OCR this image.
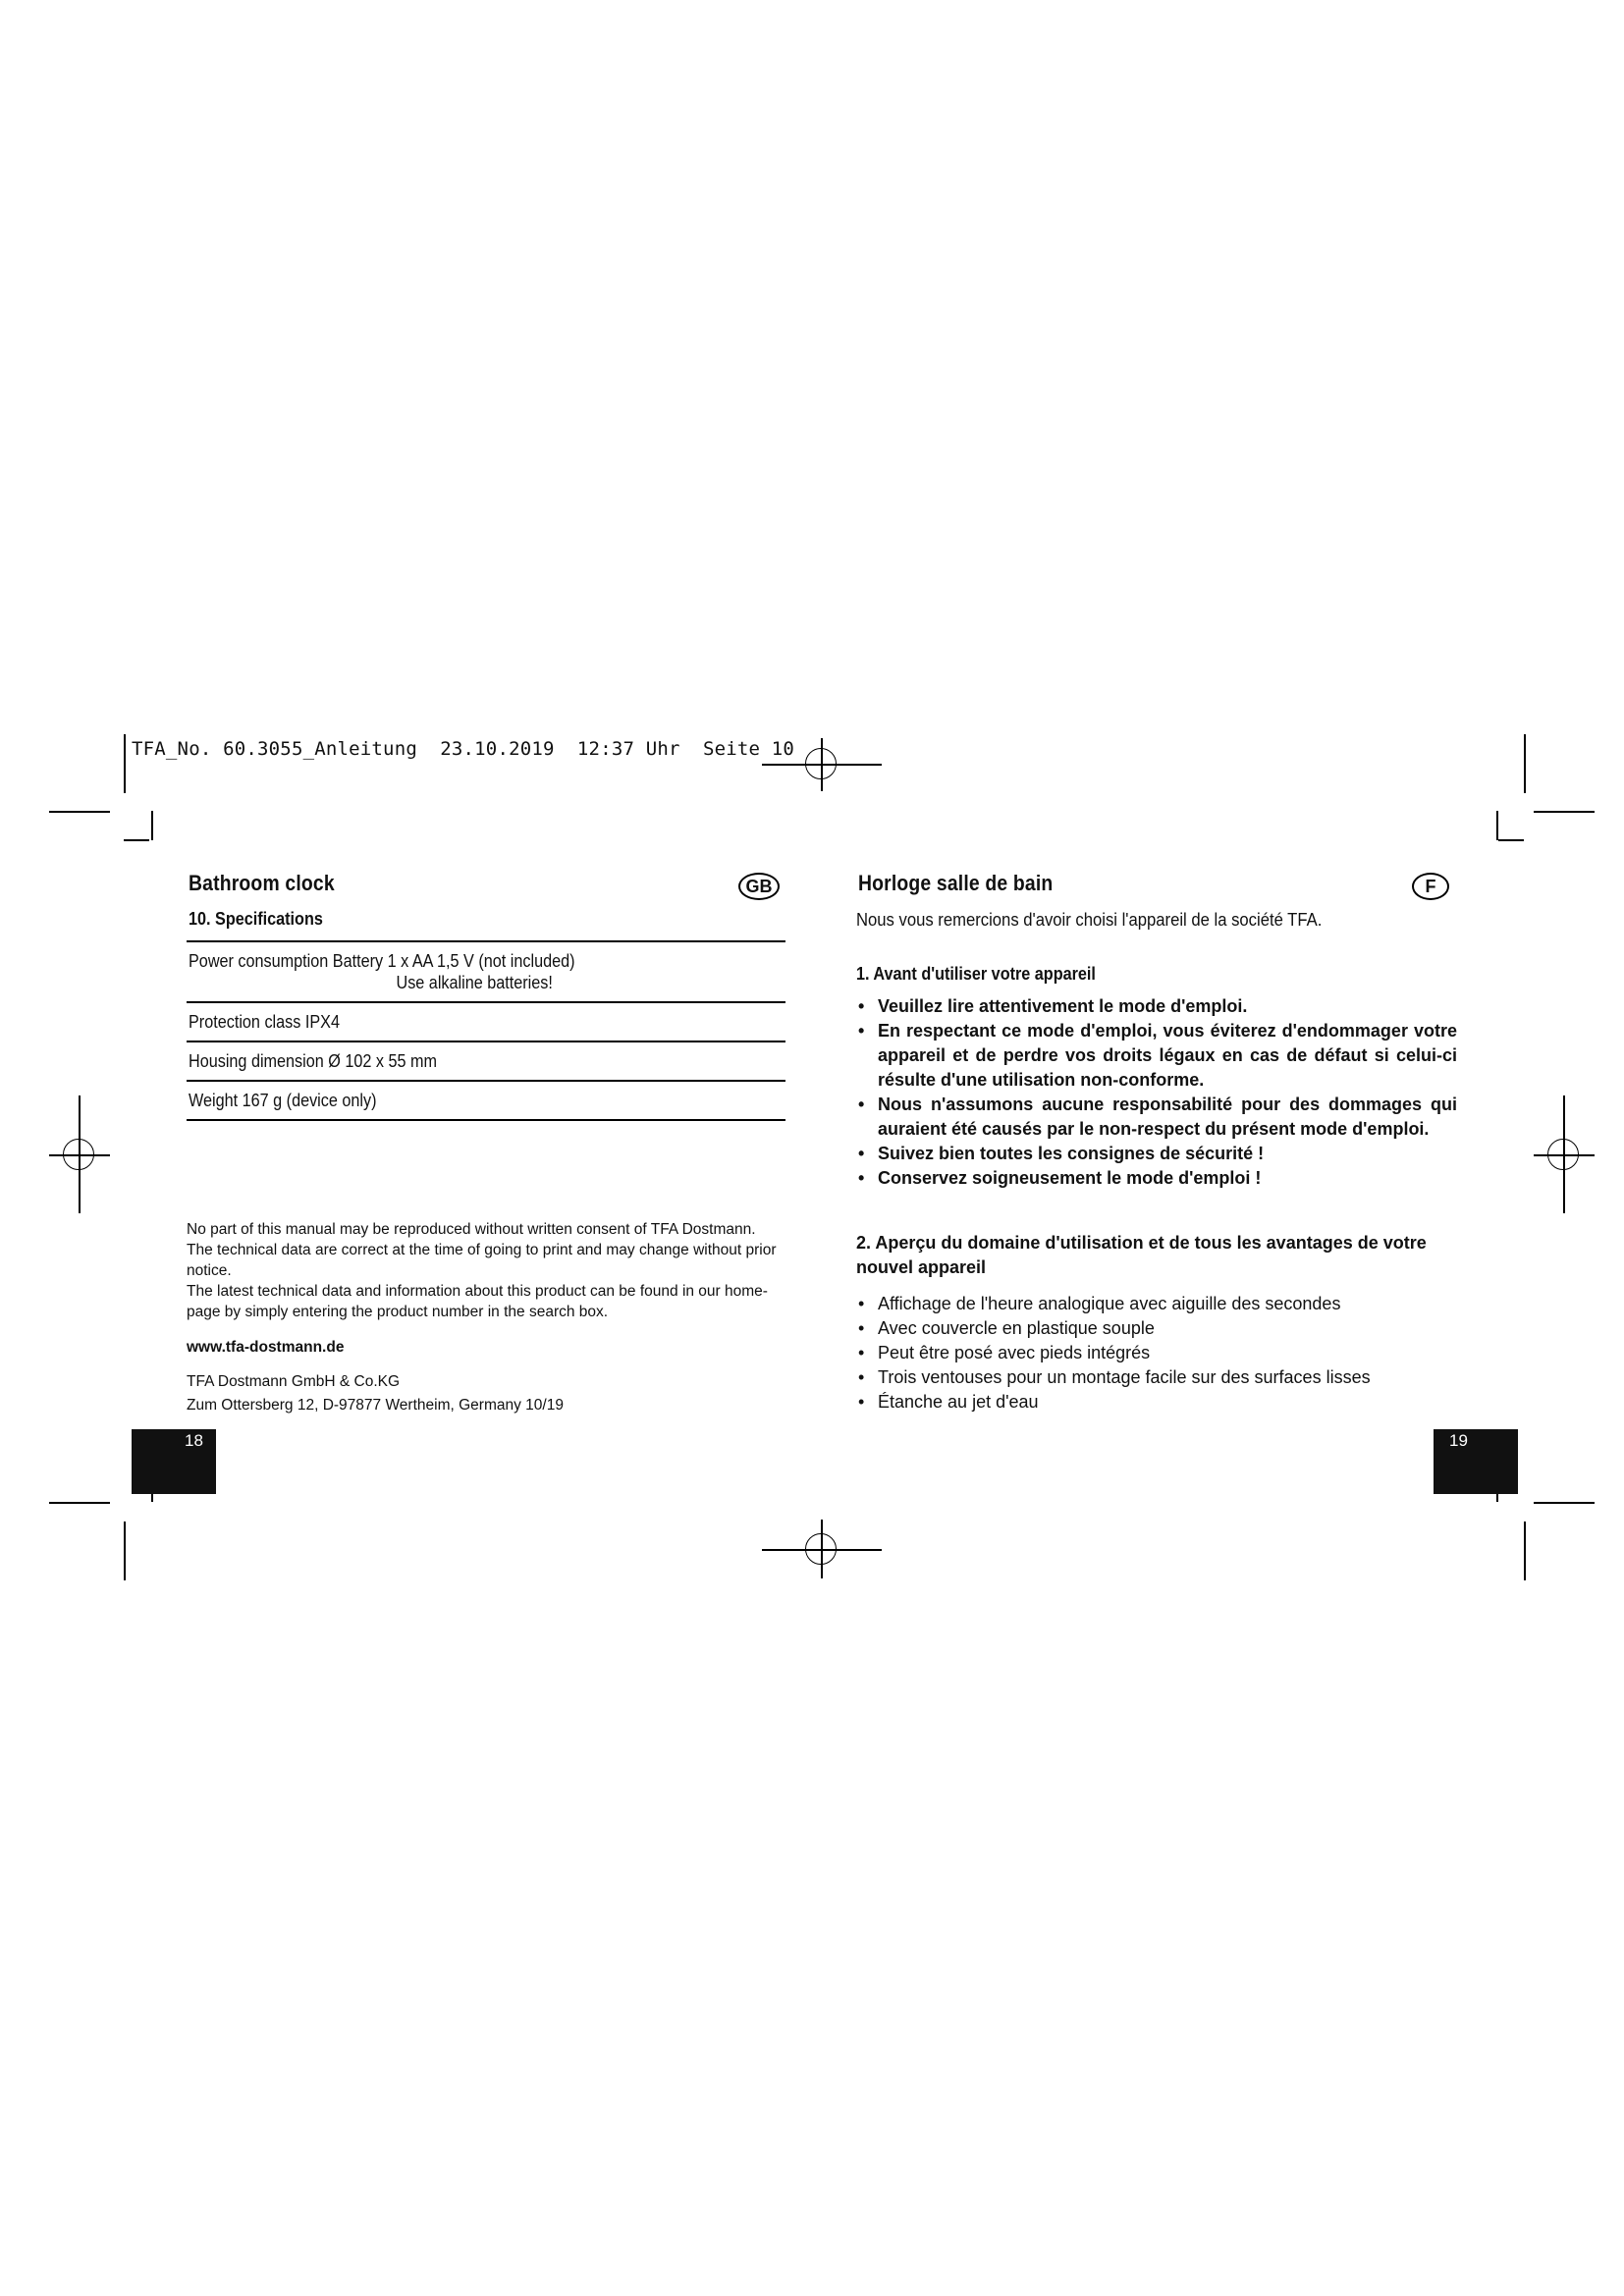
TFA_No. 60.3055_Anleitung  23.10.2019  12:37 Uhr  Seite 10
Bathroom clock	GB
10. Specifications
Power consumption Battery 1 x AA 1,5 V (not included)
Use alkaline batteries!
Protection class IPX4
Housing dimension Ø 102 x 55 mm
Weight 167 g (device only)

No part of this manual may be reproduced without written consent of TFA Dostmann. The technical data are correct at the time of going to print and may change without prior notice.

The latest technical data and information about this product can be found in our home-page by simply entering the product number in the search box.

www.tfa-dostmann.de
TFA Dostmann GmbH & Co.KG
Zum Ottersberg 12, D-97877 Wertheim, Germany 10/19
18
Horloge salle de bain	F
Nous vous remercions d'avoir choisi l'appareil de la société TFA.
1. Avant d'utiliser votre appareil
• Veuillez lire attentivement le mode d'emploi.
• En respectant ce mode d'emploi, vous éviterez d'endommager votre appareil et de perdre vos droits légaux en cas de défaut si celui-ci résulte d'une utilisation non-conforme.
• Nous n'assumons aucune responsabilité pour des dommages qui auraient été causés par le non-respect du présent mode d'emploi.
• Suivez bien toutes les consignes de sécurité !
• Conservez soigneusement le mode d'emploi !
2. Aperçu du domaine d'utilisation et de tous les avantages de votre nouvel appareil
• Affichage de l'heure analogique avec aiguille des secondes
• Avec couvercle en plastique souple
• Peut être posé avec pieds intégrés
• Trois ventouses pour un montage facile sur des surfaces lisses
• Étanche au jet d'eau
19
